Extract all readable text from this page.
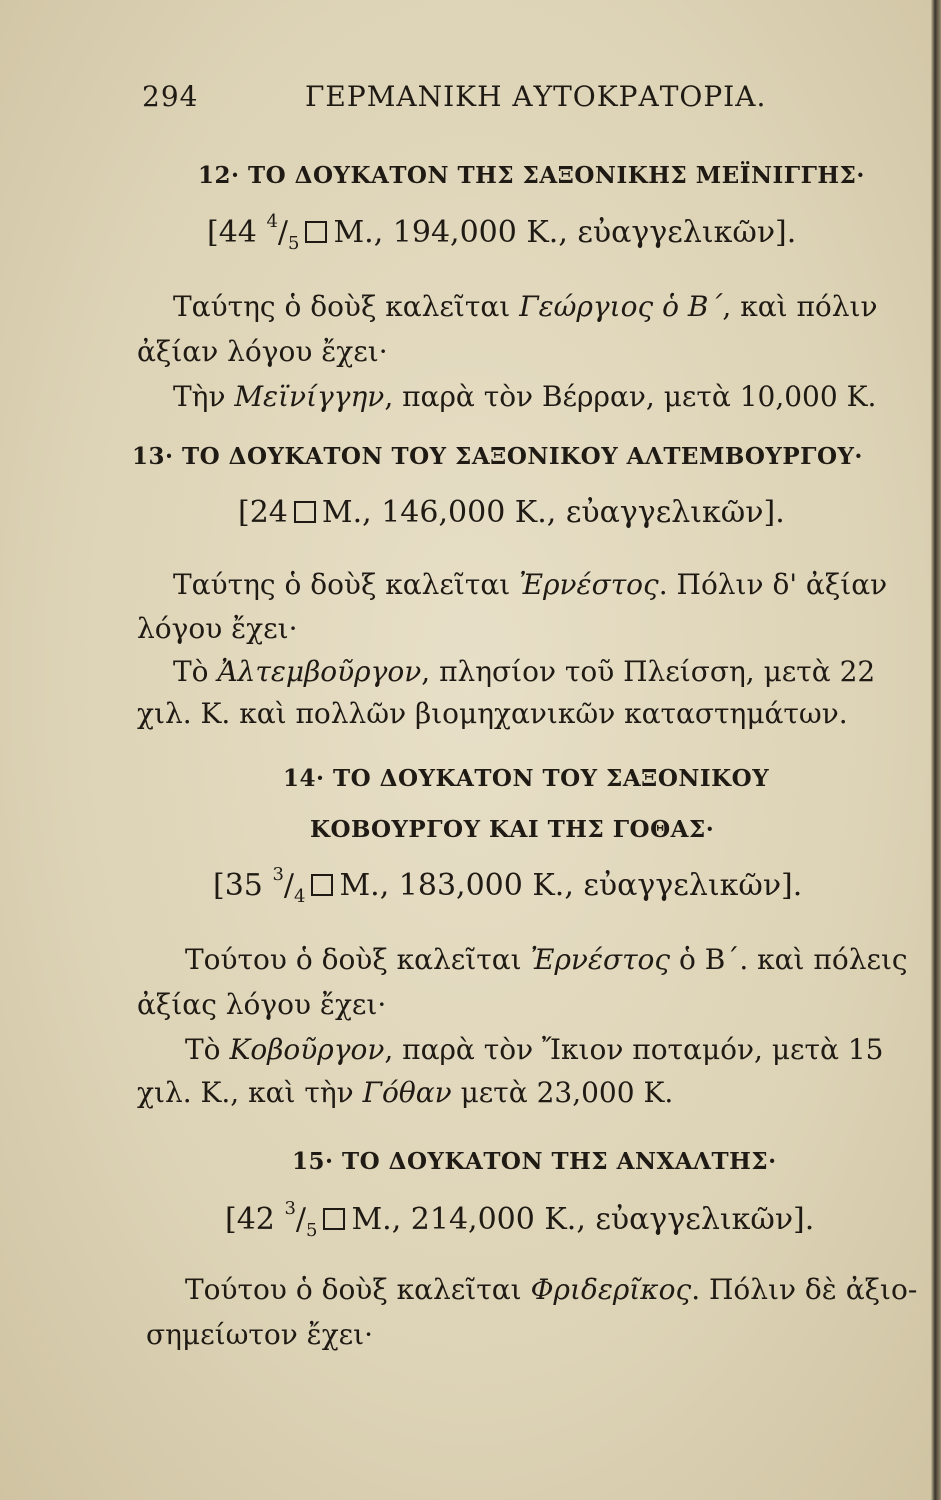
294	ΓΕΡΜΑΝΙΚΗ ΑΥΤΟΚΡΑΤΟΡΙΑ.
12· ΤΟ ΔΟΥΚΑΤΟΝ ΤΗΣ ΣΑΞΟΝΙΚΗΣ ΜΕΪΝΙΓΓΗΣ·
[44 $^4/_5$ Μ., 194,000 Κ., εὐαγγελικῶν].
Ταύτης ὁ δοὺξ καλεῖται Γεώργιος ὁ Β΄, καὶ πόλιν
ἀξίαν λόγου ἔχει·
Τὴν Μεϊνίγγην, παρὰ τὸν Βέρραν, μετὰ 10,000 Κ.
13· ΤΟ ΔΟΥΚΑΤΟΝ ΤΟΥ ΣΑΞΟΝΙΚΟΥ ΑΛΤΕΜΒΟΥΡΓΟΥ·
[24 Μ., 146,000 Κ., εὐαγγελικῶν].
Ταύτης ὁ δοὺξ καλεῖται Ἐρνέστος. Πόλιν δ' ἀξίαν
λόγου ἔχει·
Τὸ Ἀλτεμβοῦργον, πλησίον τοῦ Πλείσση, μετὰ 22
χιλ. Κ. καὶ πολλῶν βιομηχανικῶν καταστημάτων.
14· ΤΟ ΔΟΥΚΑΤΟΝ ΤΟΥ ΣΑΞΟΝΙΚΟΥ
ΚΟΒΟΥΡΓΟΥ ΚΑΙ ΤΗΣ ΓΟΘΑΣ·
[35 $^3/_4$ Μ., 183,000 Κ., εὐαγγελικῶν].
Τούτου ὁ δοὺξ καλεῖται Ἐρνέστος ὁ Β΄. καὶ πόλεις
ἀξίας λόγου ἔχει·
Τὸ Κοβοῦργον, παρὰ τὸν Ἴκιον ποταμόν, μετὰ 15
χιλ. Κ., καὶ τὴν Γόθαν μετὰ 23,000 Κ.
15· ΤΟ ΔΟΥΚΑΤΟΝ ΤΗΣ ΑΝΧΑΛΤΗΣ·
[42 $^3/_5$ Μ., 214,000 Κ., εὐαγγελικῶν].
Τούτου ὁ δοὺξ καλεῖται Φριδερῖκος. Πόλιν δὲ ἀξιο-
σημείωτον ἔχει·
